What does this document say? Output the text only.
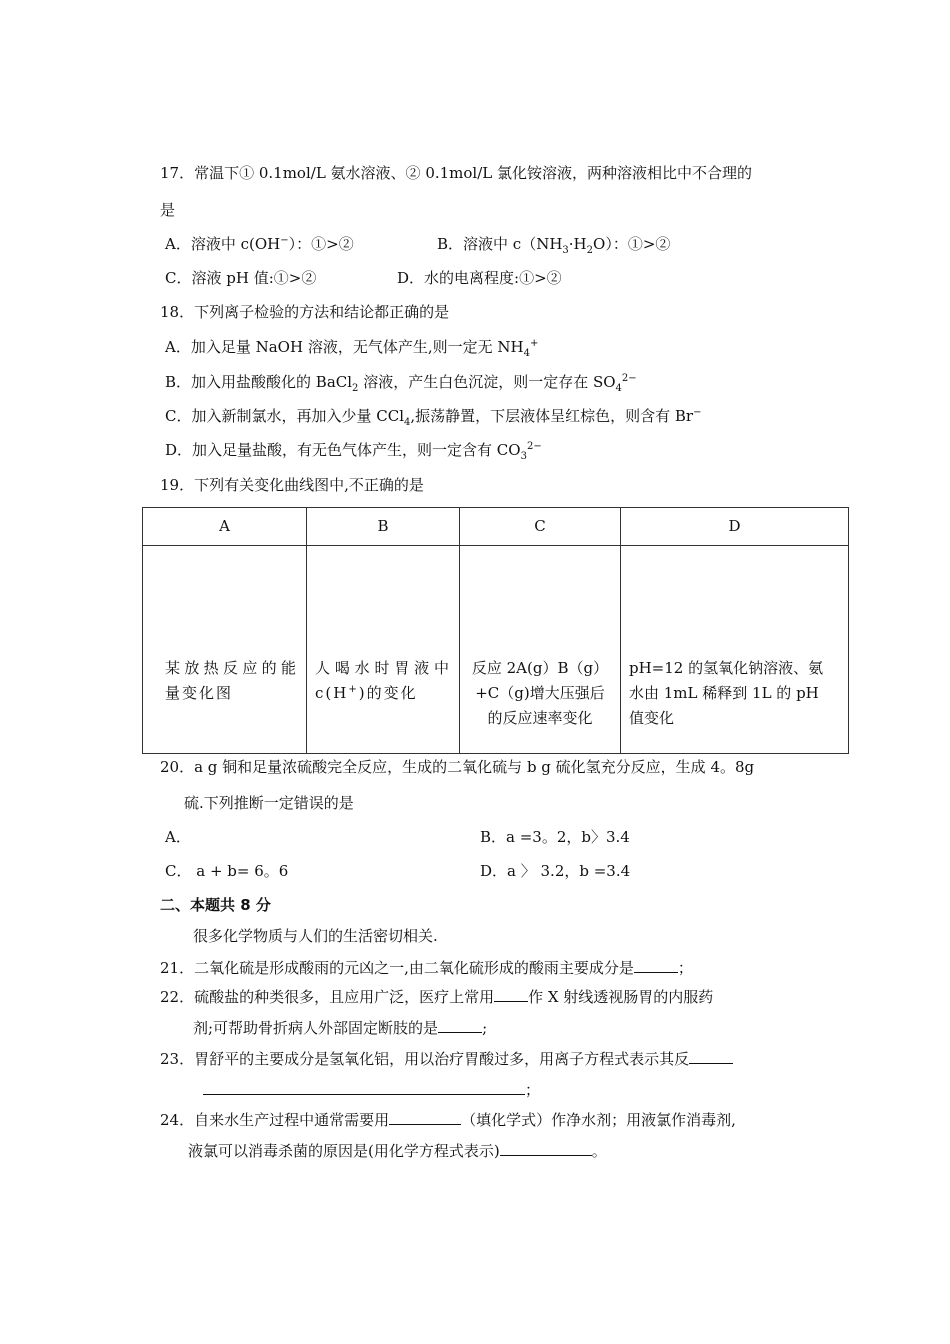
17．常温下① 0.1mol/L 氨水溶液、② 0.1mol/L 氯化铵溶液，两种溶液相比中不合理的
是
A．溶液中 c(OH−）：①>②	B．溶液中 $c(NH_3\cdot H_2O)$：①>②
C．溶液 pH 值:①>②	D．水的电离程度:①>②
18．下列离子检验的方法和结论都正确的是
A．加入足量 NaOH 溶液，无气体产生,则一定无 $NH_4^+$
B．加入用盐酸酸化的 BaCl$_2$ 溶液，产生白色沉淀，则一定存在 $SO_4^{2-}$
C．加入新制氯水，再加入少量 CCl$_4$,振荡静置，下层液体呈红棕色，则含有 Br−
D．加入足量盐酸，有无色气体产生，则一定含有 $CO_3^{2-}$
19．下列有关变化曲线图中,不正确的是
A	B	C	D

某放热反应的能量变化图	人喝水时胃液中 c(H+)的变化	反应 2A(g）B（g）+C（g)增大压强后的反应速率变化	pH=12 的氢氧化钠溶液、氨水由 1mL 稀释到 1L 的 pH 值变化
20．a g 铜和足量浓硫酸完全反应，生成的二氧化硫与 b g 硫化氢充分反应，生成 4。8g
硫.下列推断一定错误的是
A．	B．a =3。2，b〉3.4
C． a + b= 6。6	D．a 〉 3.2，b =3.4
二、本题共 8 分
很多化学物质与人们的生活密切相关.
21．二氧化硫是形成酸雨的元凶之一,由二氧化硫形成的酸雨主要成分是	；
22．硫酸盐的种类很多，且应用广泛，医疗上常用 作 X 射线透视肠胃的内服药
剂;可帮助骨折病人外部固定断肢的是	;
23．胃舒平的主要成分是氢氧化铝，用以治疗胃酸过多，用离子方程式表示其反
；
24．自来水生产过程中通常需要用	（填化学式）作净水剂；用液氯作消毒剂,
液氯可以消毒杀菌的原因是(用化学方程式表示)	。
